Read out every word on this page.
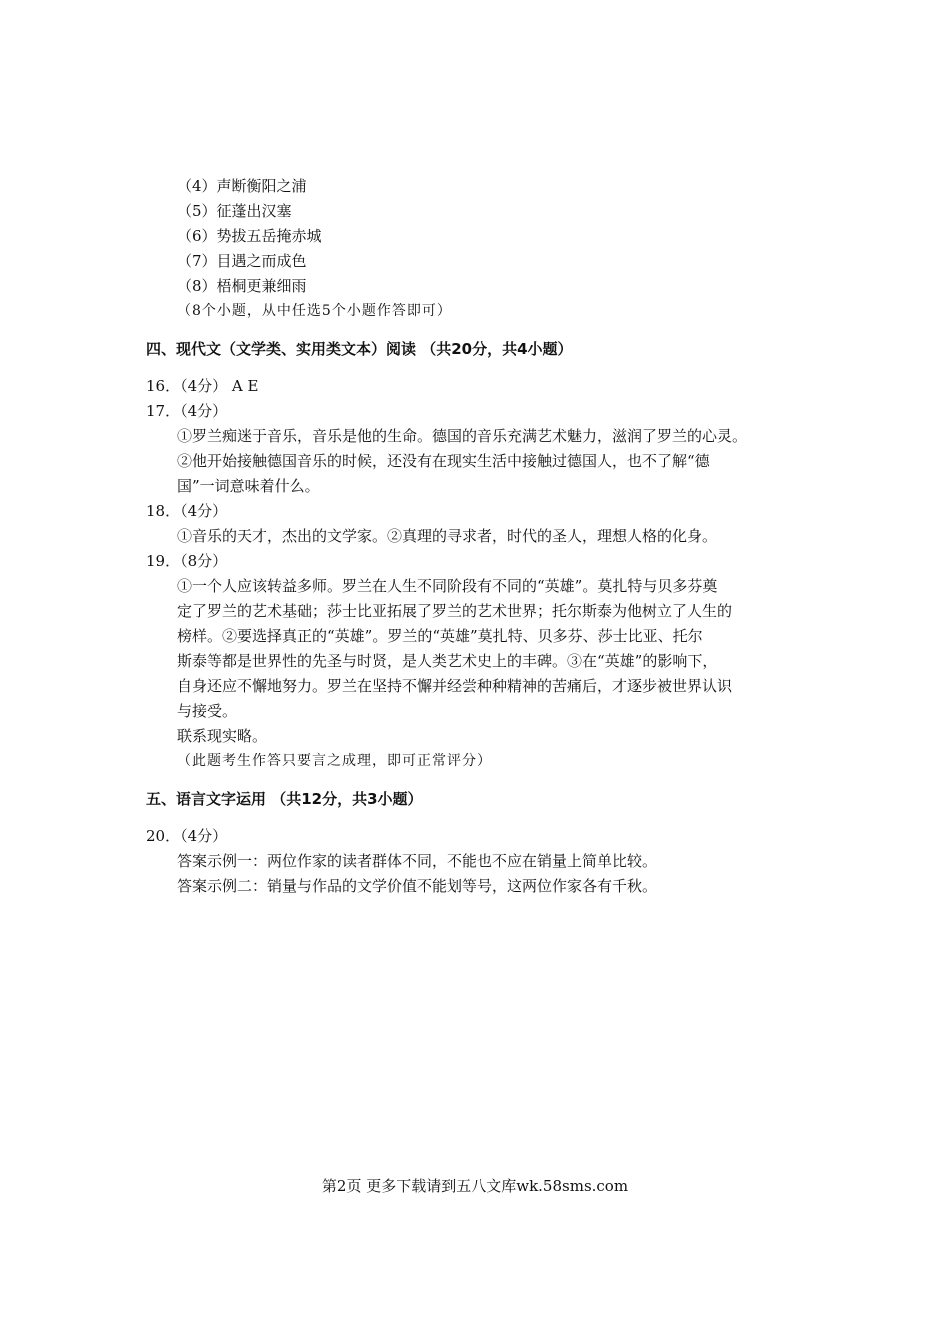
（4）声断衡阳之浦
（5）征蓬出汉塞
（6）势拔五岳掩赤城
（7）目遇之而成色
（8）梧桐更兼细雨
（8个小题，从中任选5个小题作答即可）
四、现代文（文学类、实用类文本）阅读 （共20分，共4小题）
16．（4分） A E
17．（4分）
①罗兰痴迷于音乐，音乐是他的生命。德国的音乐充满艺术魅力，滋润了罗兰的心灵。
②他开始接触德国音乐的时候，还没有在现实生活中接触过德国人，也不了解“德
国”一词意味着什么。
18．（4分）
①音乐的天才，杰出的文学家。②真理的寻求者，时代的圣人，理想人格的化身。
19．（8分）
①一个人应该转益多师。罗兰在人生不同阶段有不同的“英雄”。莫扎特与贝多芬奠
定了罗兰的艺术基础；莎士比亚拓展了罗兰的艺术世界；托尔斯泰为他树立了人生的
榜样。②要选择真正的“英雄”。罗兰的“英雄”莫扎特、贝多芬、莎士比亚、托尔
斯泰等都是世界性的先圣与时贤，是人类艺术史上的丰碑。③在“英雄”的影响下，
自身还应不懈地努力。罗兰在坚持不懈并经尝种种精神的苦痛后，才逐步被世界认识
与接受。
联系现实略。
（此题考生作答只要言之成理，即可正常评分）
五、语言文字运用 （共12分，共3小题）
20．（4分）
答案示例一：两位作家的读者群体不同，不能也不应在销量上简单比较。
答案示例二：销量与作品的文学价值不能划等号，这两位作家各有千秋。
第2页 更多下载请到五八文库wk.58sms.com
